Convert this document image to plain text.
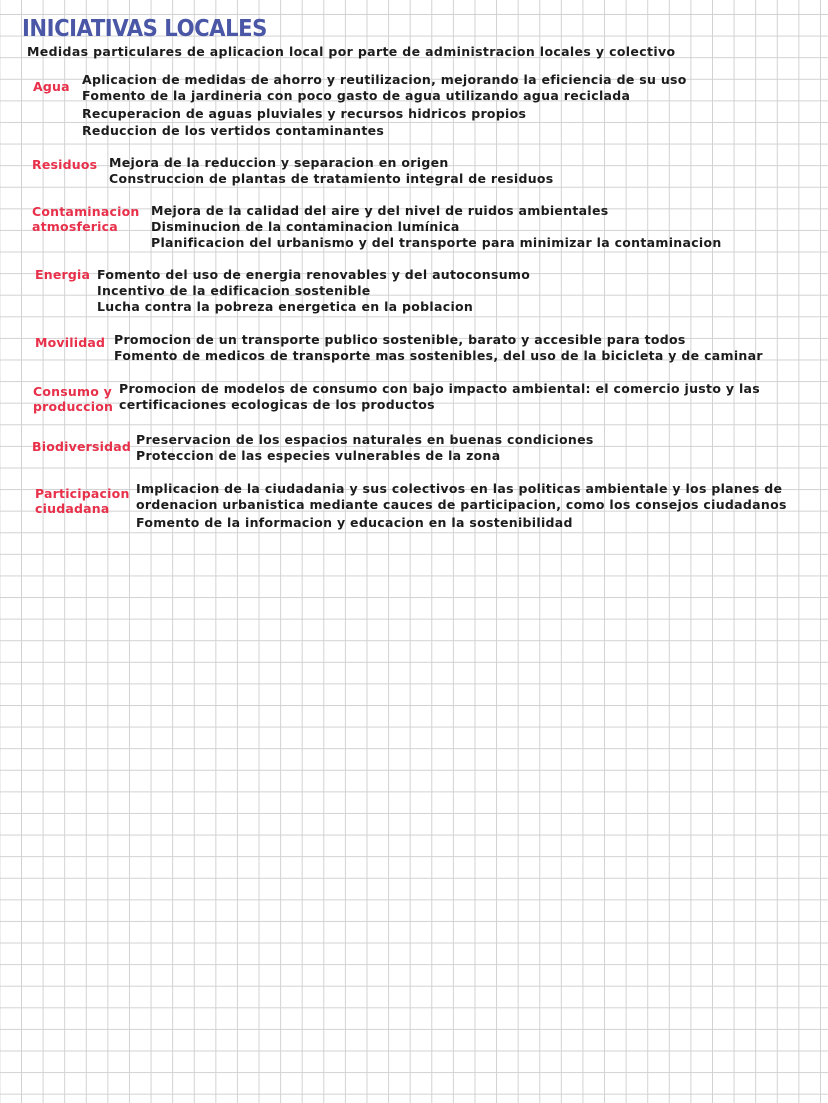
INICIATIVAS LOCALES
Medidas particulares de aplicacion local por parte de administracion locales y colectivo
Agua Aplicacion de medidas de ahorro y reutilizacion, mejorando la eficiencia de su uso
Fomento de la jardineria con poco gasto de agua utilizando agua reciclada
Recuperacion de aguas pluviales y recursos hidricos propios
Reduccion de los vertidos contaminantes
Residuos Mejora de la reduccion y separacion en origen
Construccion de plantas de tratamiento integral de residuos
Contaminacion
atmosferica
Mejora de la calidad del aire y del nivel de ruidos ambientales
Disminucion de la contaminacion lumínica
Planificacion del urbanismo y del transporte para minimizar la contaminacion
Energia Fomento del uso de energia renovables y del autoconsumo
Incentivo de la edificacion sostenible
Lucha contra la pobreza energetica en la poblacion
Movilidad Promocion de un transporte publico sostenible, barato y accesible para todos
Fomento de medicos de transporte mas sostenibles, del uso de la bicicleta y de caminar
Consumo y
produccion
Promocion de modelos de consumo con bajo impacto ambiental: el comercio justo y las
certificaciones ecologicas de los productos
Biodiversidad Preservacion de los espacios naturales en buenas condiciones
Proteccion de las especies vulnerables de la zona
Participacion
ciudadana
Implicacion de la ciudadania y sus colectivos en las politicas ambientale y los planes de
ordenacion urbanistica mediante cauces de participacion, como los consejos ciudadanos
Fomento de la informacion y educacion en la sostenibilidad
